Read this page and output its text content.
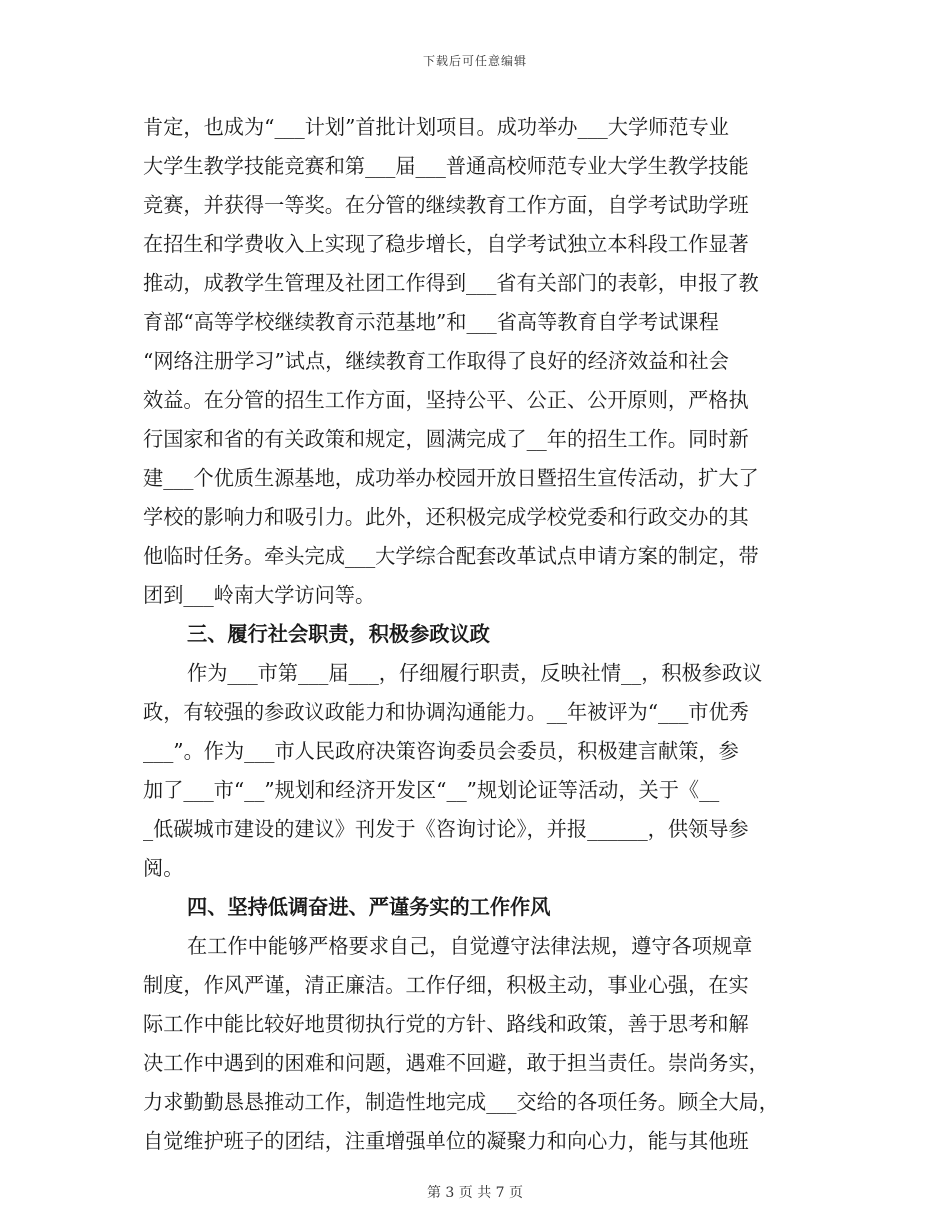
下载后可任意编辑
肯定，也成为“___计划”首批计划项目。成功举办___大学师范专业
大学生教学技能竞赛和第___届___普通高校师范专业大学生教学技能
竞赛，并获得一等奖。在分管的继续教育工作方面，自学考试助学班
在招生和学费收入上实现了稳步增长，自学考试独立本科段工作显著
推动，成教学生管理及社团工作得到___省有关部门的表彰，申报了教
育部“高等学校继续教育示范基地”和___省高等教育自学考试课程
“网络注册学习”试点，继续教育工作取得了良好的经济效益和社会
效益。在分管的招生工作方面，坚持公平、公正、公开原则，严格执
行国家和省的有关政策和规定，圆满完成了__年的招生工作。同时新
建___个优质生源基地，成功举办校园开放日暨招生宣传活动，扩大了
学校的影响力和吸引力。此外，还积极完成学校党委和行政交办的其
他临时任务。牵头完成___大学综合配套改革试点申请方案的制定，带
团到___岭南大学访问等。
三、履行社会职责，积极参政议政
作为___市第___届___，仔细履行职责，反映社情__，积极参政议
政，有较强的参政议政能力和协调沟通能力。__年被评为“___市优秀
___”。作为___市人民政府决策咨询委员会委员，积极建言献策，参
加了___市“__”规划和经济开发区“__”规划论证等活动，关于《__
_低碳城市建设的建议》刊发于《咨询讨论》，并报______，供领导参
阅。
四、坚持低调奋进、严谨务实的工作作风
在工作中能够严格要求自己，自觉遵守法律法规，遵守各项规章
制度，作风严谨，清正廉洁。工作仔细，积极主动，事业心强，在实
际工作中能比较好地贯彻执行党的方针、路线和政策，善于思考和解
决工作中遇到的困难和问题，遇难不回避，敢于担当责任。崇尚务实，
力求勤勤恳恳推动工作，制造性地完成___交给的各项任务。顾全大局，
自觉维护班子的团结，注重增强单位的凝聚力和向心力，能与其他班
第 3 页 共 7 页
